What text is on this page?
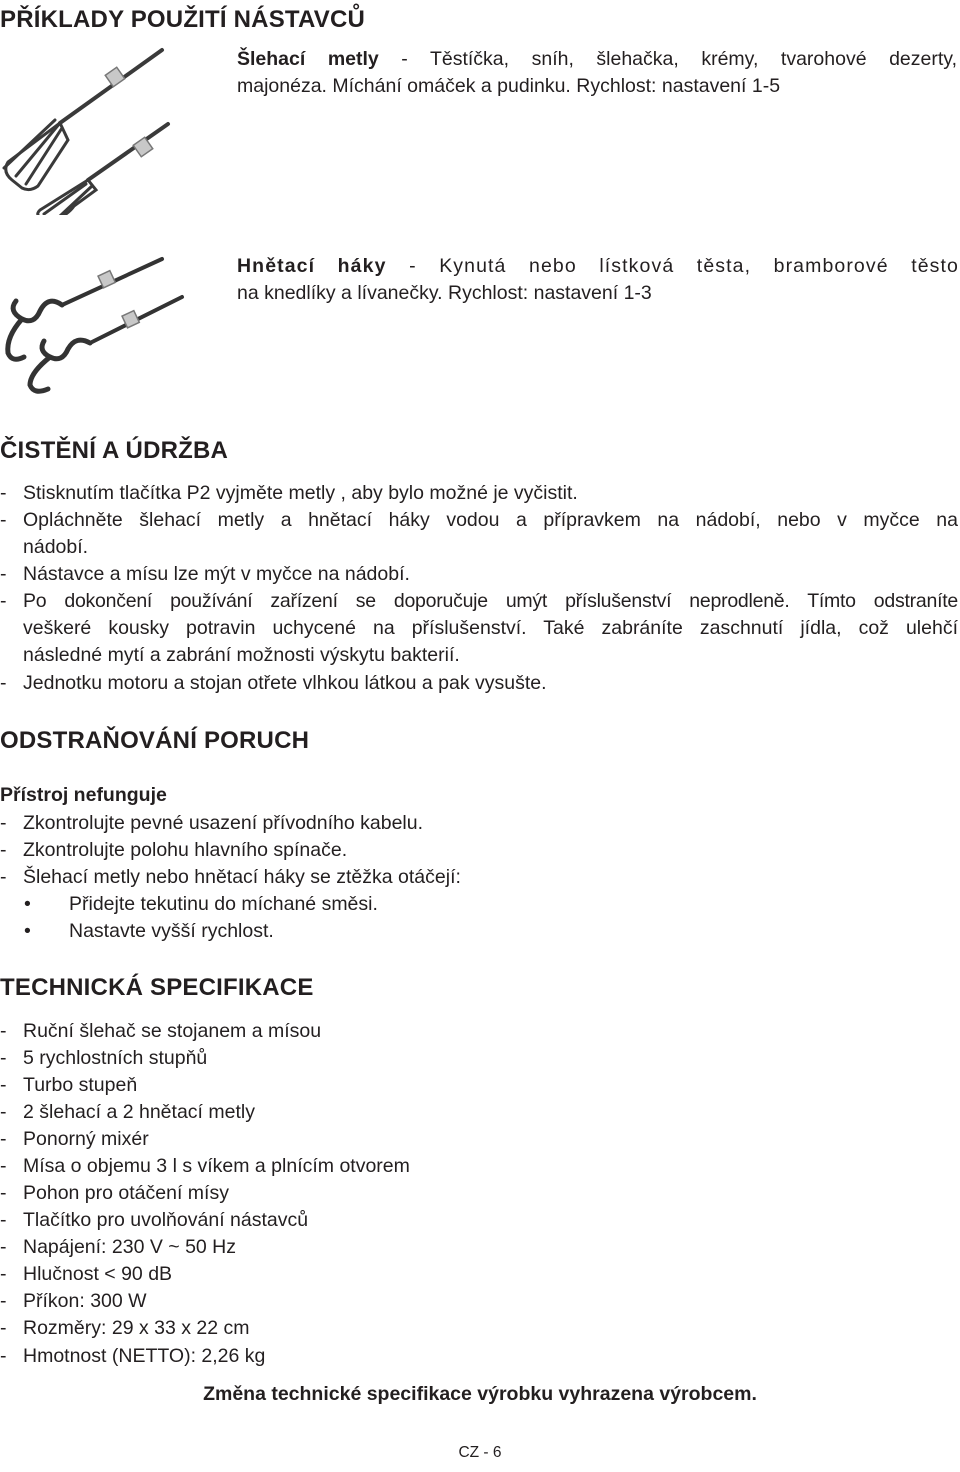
PŘÍKLADY POUŽITÍ NÁSTAVCŮ
Šlehací metly - Těstíčka, sníh, šlehačka, krémy, tvarohové dezerty,
majonéza. Míchání omáček a pudinku. Rychlost: nastavení 1-5
Hnětací háky - Kynutá nebo lístková těsta, bramborové těsto
na knedlíky a lívanečky. Rychlost: nastavení 1-3
ČISTĚNÍ A ÚDRŽBA
- Stisknutím tlačítka P2 vyjměte metly , aby bylo možné je vyčistit.
- Opláchněte šlehací metly a hnětací háky vodou a přípravkem na nádobí, nebo v myčce na
nádobí.
- Nástavce a mísu lze mýt v myčce na nádobí.
- Po dokončení používání zařízení se doporučuje umýt příslušenství neprodleně. Tímto odstraníte
veškeré kousky potravin uchycené na příslušenství. Také zabráníte zaschnutí jídla, což ulehčí
následné mytí a zabrání možnosti výskytu bakterií.
- Jednotku motoru a stojan otřete vlhkou látkou a pak vysušte.
ODSTRAŇOVÁNÍ PORUCH
Přístroj nefunguje
- Zkontrolujte pevné usazení přívodního kabelu.
- Zkontrolujte polohu hlavního spínače.
- Šlehací metly nebo hnětací háky se ztěžka otáčejí:
• Přidejte tekutinu do míchané směsi.
• Nastavte vyšší rychlost.
TECHNICKÁ SPECIFIKACE
- Ruční šlehač se stojanem a mísou
- 5 rychlostních stupňů
- Turbo stupeň
- 2 šlehací a 2 hnětací metly
- Ponorný mixér
- Mísa o objemu 3 l s víkem a plnícím otvorem
- Pohon pro otáčení mísy
- Tlačítko pro uvolňování nástavců
- Napájení: 230 V ~ 50 Hz
- Hlučnost < 90 dB
- Příkon: 300 W
- Rozměry: 29 x 33 x 22 cm
- Hmotnost (NETTO): 2,26 kg
Změna technické specifikace výrobku vyhrazena výrobcem.
CZ - 6
